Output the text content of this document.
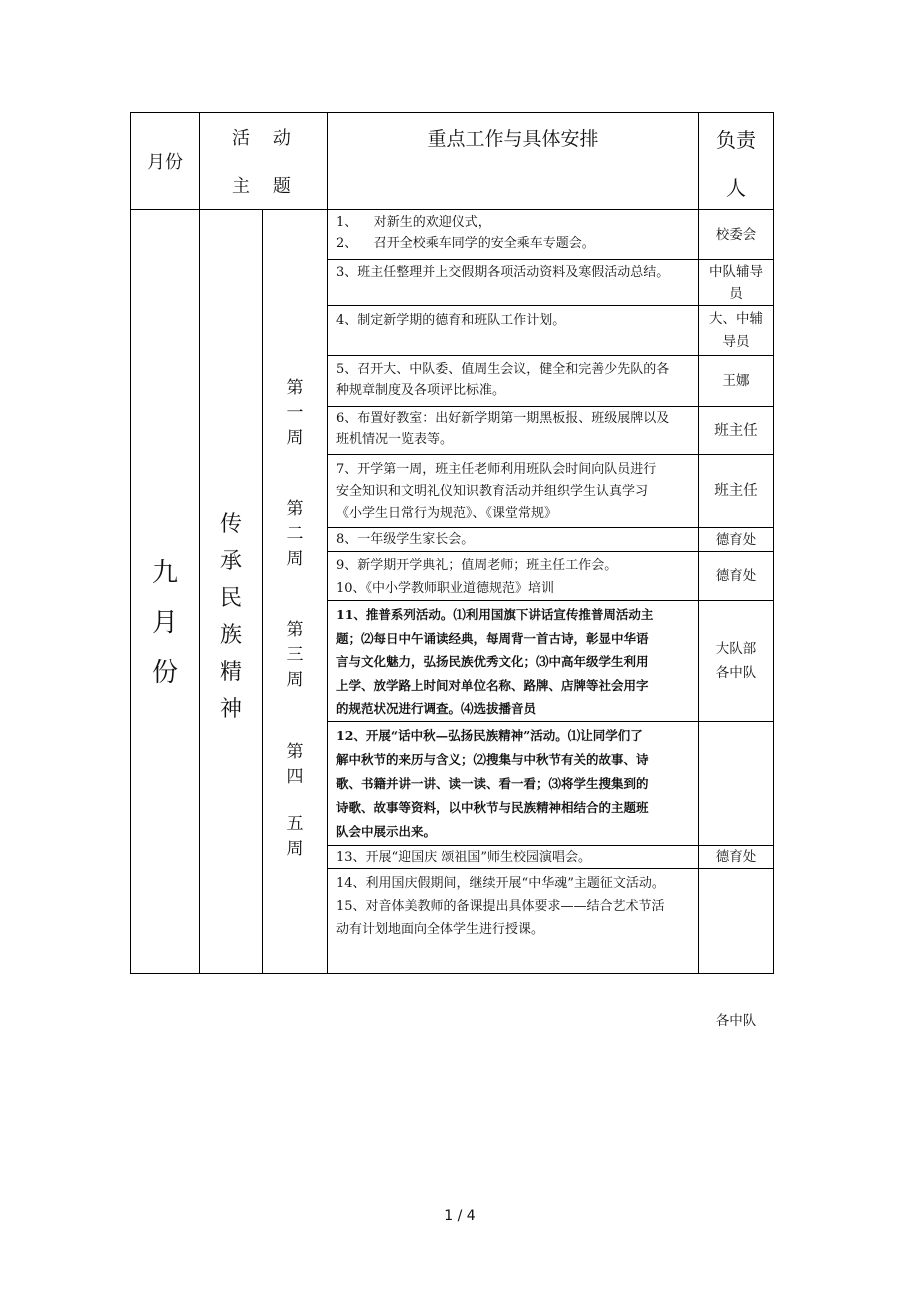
月份
活    动
主    题
重点工作与具体安排	负责
人
九
月
份
传
承
民
族
精
神
第
一
周
第
二
周
第
三
周
第
四
五
周
1、    对新生的欢迎仪式，
2、    召开全校乘车同学的安全乘车专题会。
3、班主任整理并上交假期各项活动资料及寒假活动总结。
4、制定新学期的德育和班队工作计划。
5、召开大、中队委、值周生会议，健全和完善少先队的各
种规章制度及各项评比标准。
6、布置好教室：出好新学期第一期黑板报、班级展牌以及
班机情况一览表等。
7、开学第一周，班主任老师利用班队会时间向队员进行
安全知识和文明礼仪知识教育活动并组织学生认真学习
《小学生日常行为规范》、《课堂常规》
8、一年级学生家长会。
9、新学期开学典礼；值周老师；班主任工作会。
10、《中小学教师职业道德规范》培训
11、推普系列活动。⑴利用国旗下讲话宣传推普周活动主
题；⑵每日中午诵读经典，每周背一首古诗，彰显中华语
言与文化魅力，弘扬民族优秀文化；⑶中高年级学生利用
上学、放学路上时间对单位名称、路牌、店牌等社会用字
的规范状况进行调查。⑷选拔播音员
12、开展“话中秋—弘扬民族精神”活动。⑴让同学们了
解中秋节的来历与含义；⑵搜集与中秋节有关的故事、诗
歌、书籍并讲一讲、读一读、看一看；⑶将学生搜集到的
诗歌、故事等资料，以中秋节与民族精神相结合的主题班
队会中展示出来。
13、开展“迎国庆 颂祖国”师生校园演唱会。
14、利用国庆假期间，继续开展“中华魂”主题征文活动。
15、对音体美教师的备课提出具体要求——结合艺术节活
动有计划地面向全体学生进行授课。
校委会
中队辅导
员
大、中辅
导员
王娜
班主任
班主任
德育处
德育处
大队部
各中队
德育处
各中队
1 / 4
